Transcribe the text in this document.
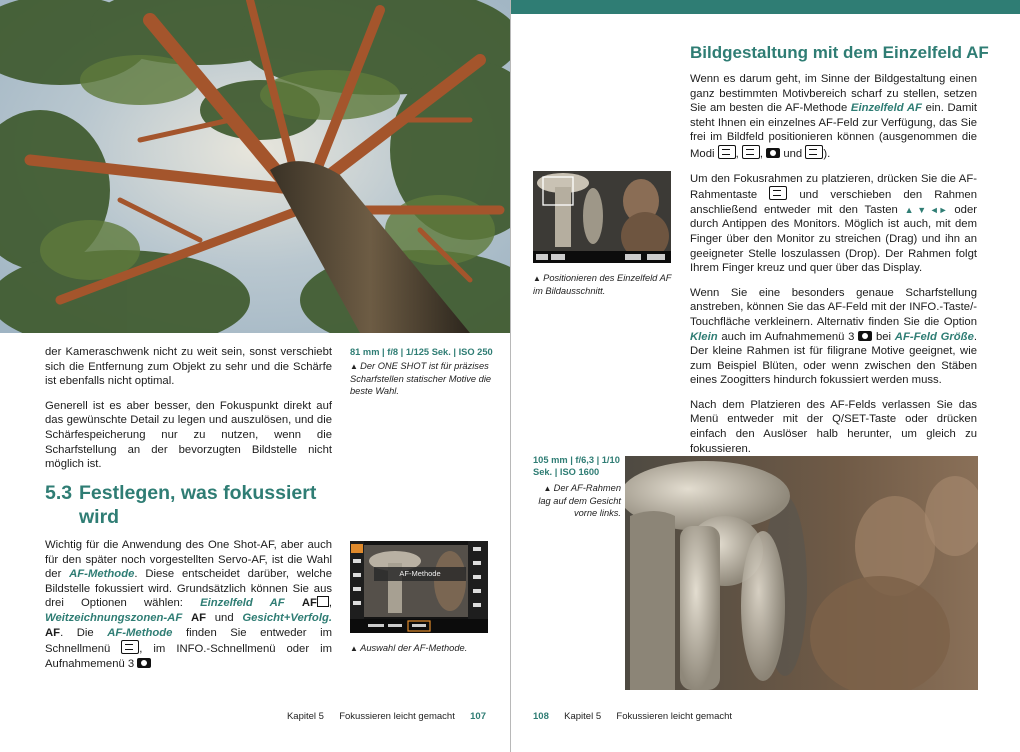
der Kameraschwenk nicht zu weit sein, sonst verschiebt sich die Entfernung zum Objekt zu sehr und die Schärfe ist ebenfalls nicht optimal.

Generell ist es aber besser, den Fokuspunkt direkt auf das gewünschte Detail zu legen und auszulösen, und die Schärfespeicherung nur zu nutzen, wenn die Scharfstellung an der bevorzugten Bildstelle nicht möglich ist.

81 mm | f/8 | 1/125 Sek. | ISO 250
▲ Der ONE SHOT ist für präzises Scharfstellen statischer Motive die beste Wahl.
5.3 Festlegen, was fokussiert
wird

Wichtig für die Anwendung des One Shot-AF, aber auch für den später noch vorgestellten Servo-AF, ist die Wahl der AF-Methode. Diese entscheidet darüber, welche Bildstelle fokussiert wird. Grundsätzlich können Sie aus drei Optionen wählen: Einzelfeld AF AF , Weitzeichnungszonen-AF AF und Gesicht+Verfolg. AF. Die AF-Methode finden Sie entweder im Schnellmenü , im INFO.-Schnellmenü oder im Aufnahmemenü 3

AF-Methode
▲ Auswahl der AF-Methode.
Kapitel 5 Fokussieren leicht gemacht 107
Bildgestaltung mit dem Einzelfeld AF

Wenn es darum geht, im Sinne der Bildgestaltung einen ganz bestimmten Motivbereich scharf zu stellen, setzen Sie am besten die AF-Methode Einzelfeld AF ein. Damit steht Ihnen ein einzelnes AF-Feld zur Verfügung, das Sie frei im Bildfeld positionieren können (ausgenommen die Modi , ,  und ).

Um den Fokusrahmen zu platzieren, drücken Sie die AF-Rahmentaste  und verschieben den Rahmen anschließend entweder mit den Tasten ▲▼◄► oder durch Antippen des Monitors. Möglich ist auch, mit dem Finger über den Monitor zu streichen (Drag) und ihn an geeigneter Stelle loszulassen (Drop). Der Rahmen folgt Ihrem Finger kreuz und quer über das Display.

Wenn Sie eine besonders genaue Scharfstellung anstreben, können Sie das AF-Feld mit der INFO.-Taste/-Touchfläche verkleinern. Alternativ finden Sie die Option Klein auch im Aufnahmemenü 3  bei AF-Feld Größe. Der kleine Rahmen ist für filigrane Motive geeignet, wie zum Beispiel Blüten, oder wenn zwischen den Stäben eines Zoogitters hindurch fokussiert werden muss.

Nach dem Platzieren des AF-Felds verlassen Sie das Menü entweder mit der Q/SET-Taste oder drücken einfach den Auslöser halb herunter, um gleich zu fokussieren.

▲ Positionieren des Einzelfeld AF im Bildausschnitt.
105 mm | f/6,3 | 1/10 Sek. | ISO 1600
▲ Der AF-Rahmen lag auf dem Gesicht vorne links.
108 Kapitel 5 Fokussieren leicht gemacht
